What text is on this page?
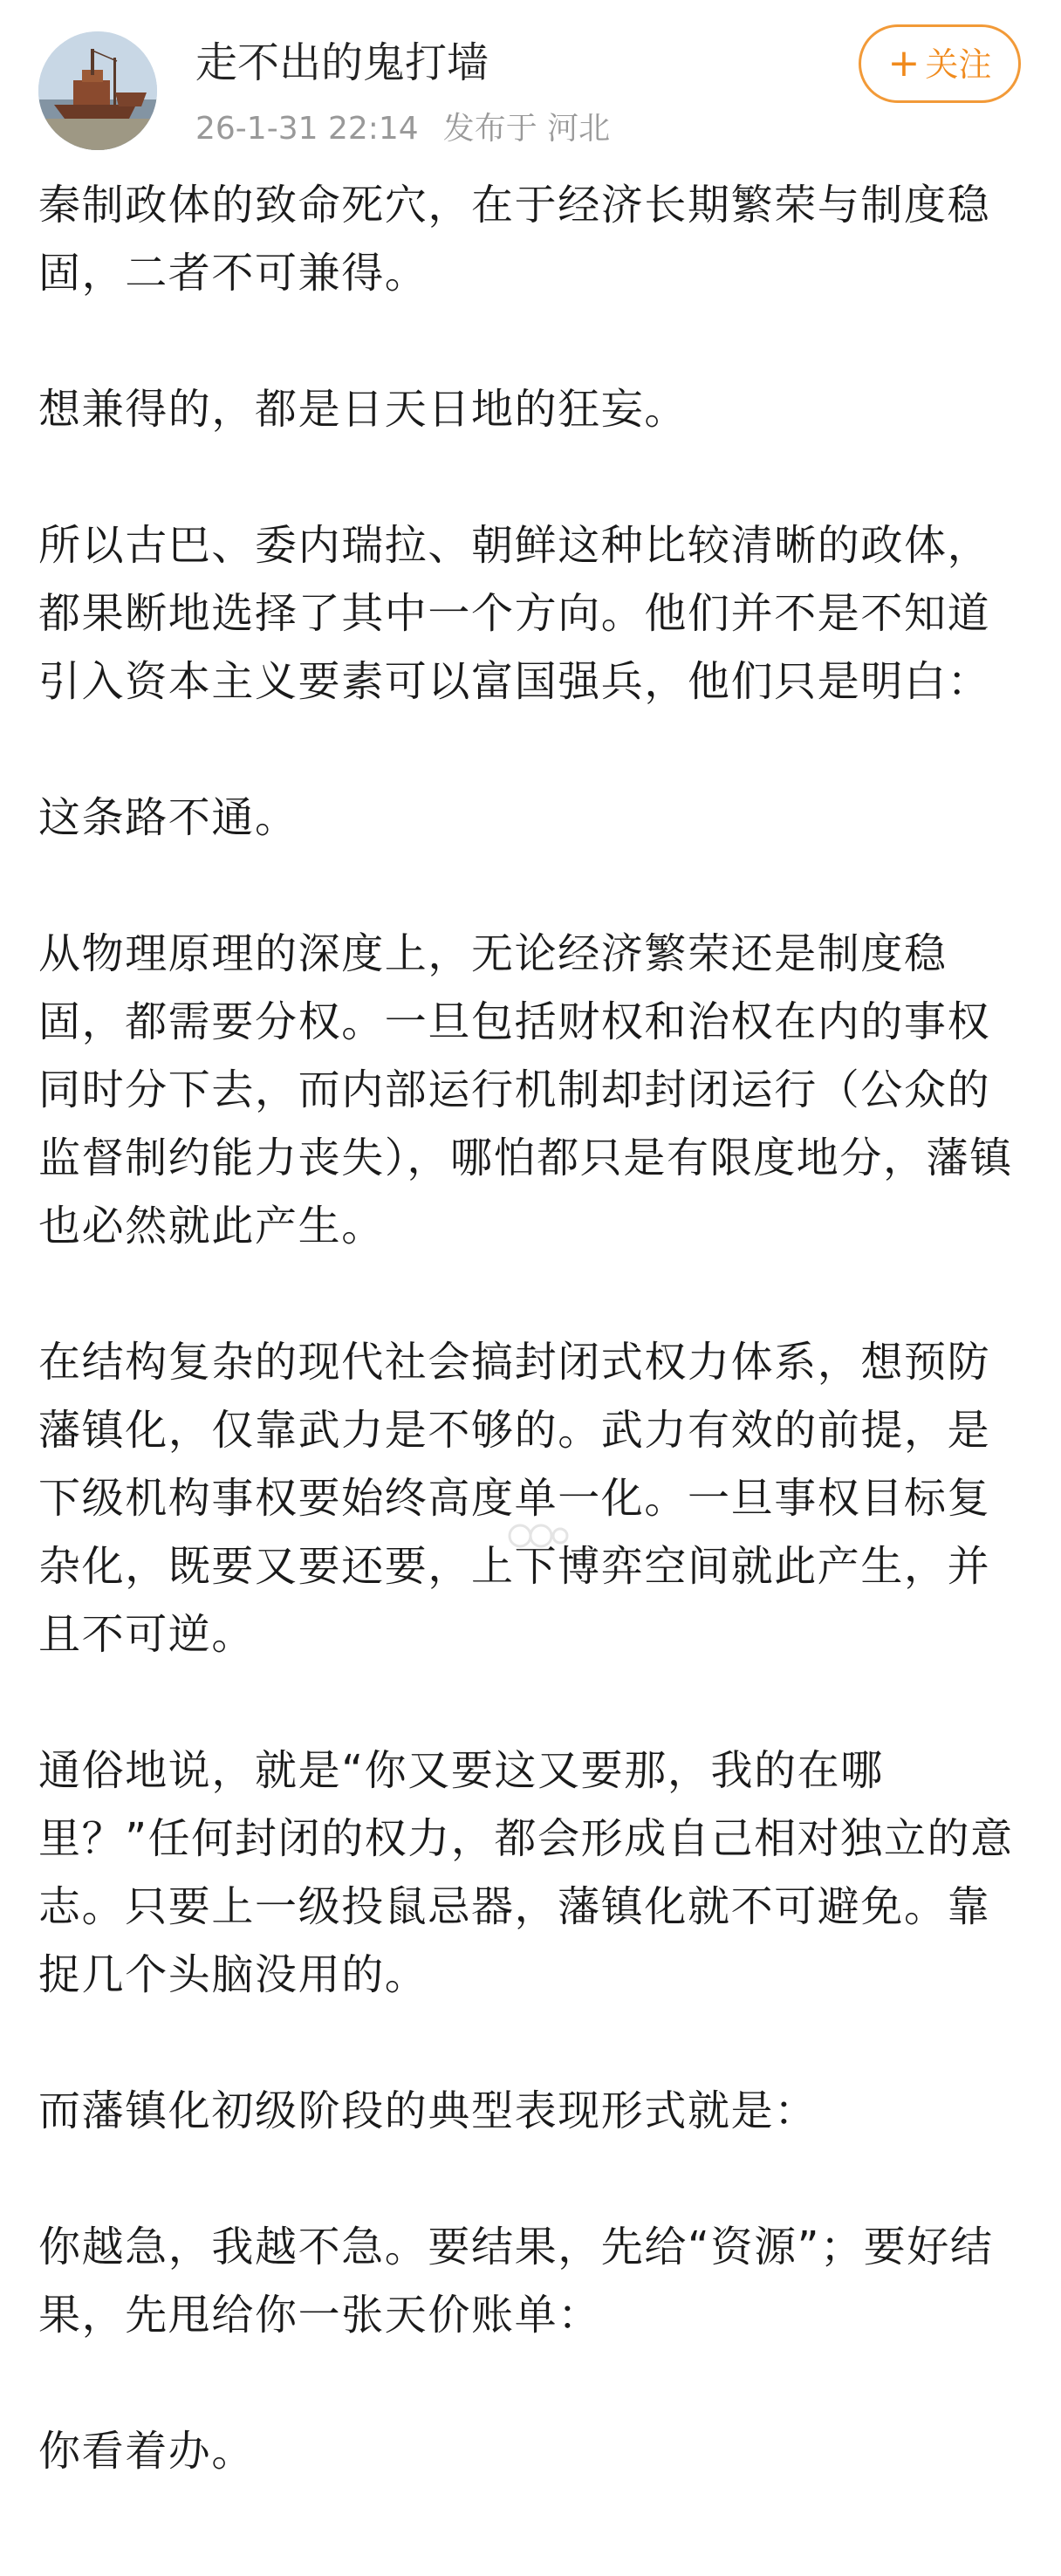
走不出的鬼打墙
26-1-31 22:14 发布于 河北
+ 关注

秦制政体的致命死穴，在于经济长期繁荣与制度稳固，二者不可兼得。

想兼得的，都是日天日地的狂妄。

所以古巴、委内瑞拉、朝鲜这种比较清晰的政体，都果断地选择了其中一个方向。他们并不是不知道引入资本主义要素可以富国强兵，他们只是明白：

这条路不通。

从物理原理的深度上，无论经济繁荣还是制度稳固，都需要分权。一旦包括财权和治权在内的事权同时分下去，而内部运行机制却封闭运行（公众的监督制约能力丧失），哪怕都只是有限度地分，藩镇也必然就此产生。

在结构复杂的现代社会搞封闭式权力体系，想预防藩镇化，仅靠武力是不够的。武力有效的前提，是下级机构事权要始终高度单一化。一旦事权目标复杂化，既要又要还要，上下博弈空间就此产生，并且不可逆。

通俗地说，就是“你又要这又要那，我的在哪里？”任何封闭的权力，都会形成自己相对独立的意志。只要上一级投鼠忌器，藩镇化就不可避免。靠捉几个头脑没用的。

而藩镇化初级阶段的典型表现形式就是：

你越急，我越不急。要结果，先给“资源”；要好结果，先甩给你一张天价账单：

你看着办。
